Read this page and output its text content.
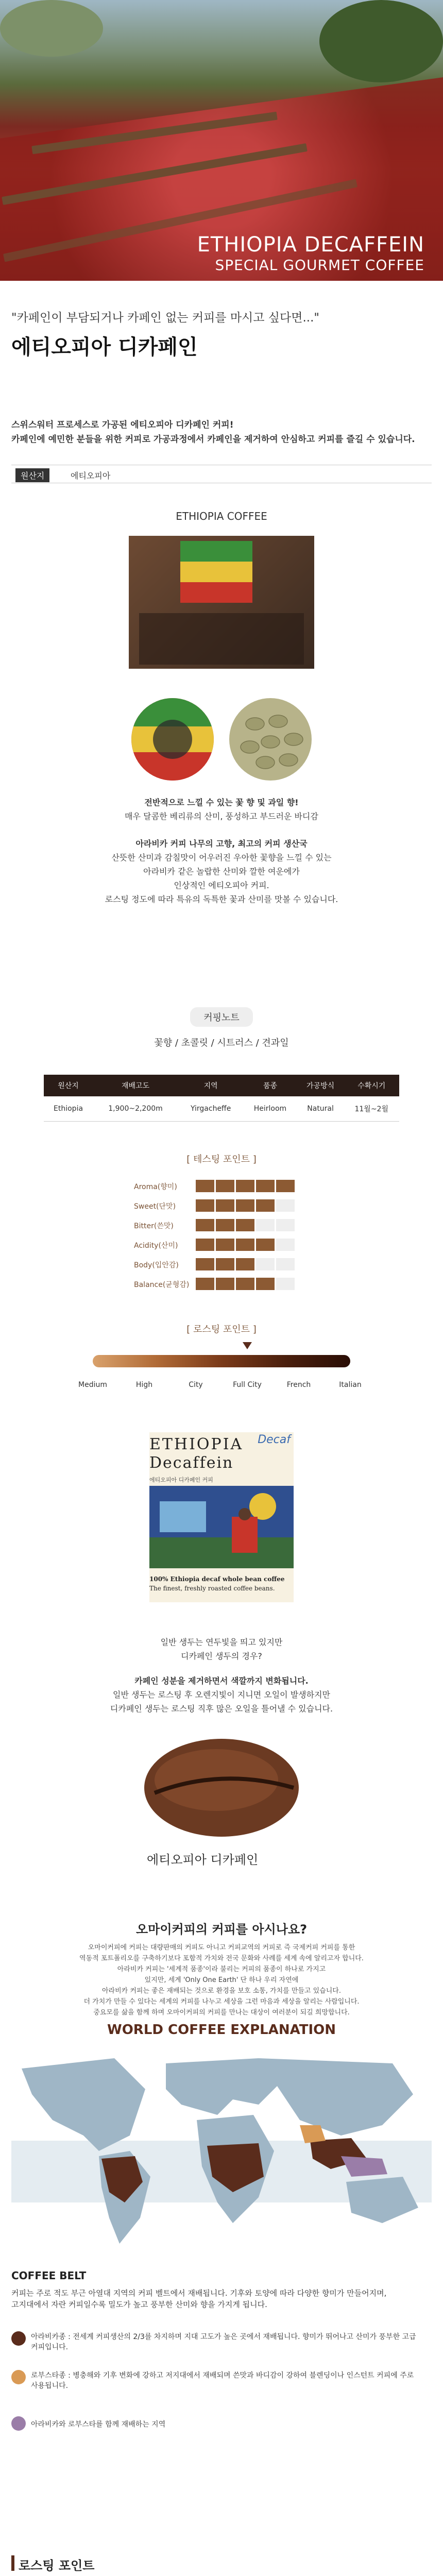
ETHIOPIA DECAFFEIN
SPECIAL GOURMET COFFEE
"카페인이 부담되거나 카페인 없는 커피를 마시고 싶다면..."
에티오피아 디카페인
스위스워터 프로세스로 가공된 에티오피아 디카페인 커피!
카페인에 예민한 분들을 위한 커피로 가공과정에서 카페인을 제거하여 안심하고 커피를 즐길 수 있습니다.
원산지	에티오피아
ETHIOPIA COFFEE
전반적으로 느낄 수 있는 꽃 향 및 과일 향!
매우 달콤한 베리류의 산미, 풍성하고 부드러운 바디감
아라비카 커피 나무의 고향, 최고의 커피 생산국
산뜻한 산미과 감칠맛이 어우러진 우아한 꽃향을 느낄 수 있는
아라비카 같은 놀랍한 산미와 깔한 여운에가
인상적인 에티오피아 커피.
로스팅 정도에 따라 특유의 독특한 꽃과 산미를 맛볼 수 있습니다.
커핑노트
꽃향 / 초콜릿 / 시트러스 / 견과일
원산지	재배고도	지역	품종	가공방식	수확시기
Ethiopia	1,900~2,200m	Yirgacheffe	Heirloom	Natural	11월~2월
[ 테스팅 포인트 ]
Aroma(향미)
Sweet(단맛)
Bitter(쓴맛)
Acidity(산미)
Body(입안감)
Balance(균형감)
[ 로스팅 포인트 ]
Medium	High	City	Full City	French	Italian
ETHIOPIA
Decaffein
Decaf
에티오피아 디카페인 커피
100% Ethiopia decaf whole bean coffee
The finest, freshly roasted coffee beans.
일반 생두는 연두빛을 띄고 있지만
디카페인 생두의 경우?
카페인 성분을 제거하면서 색깔까지 변화됩니다.
일반 생두는 로스팅 후 오렌지빛이 지니면 오일이 발생하지만
디카페인 생두는 로스팅 직후 많은 오일을 틀어낼 수 있습니다.
에티오피아 디카페인
오마이커피의 커피를 아시나요?
오마이커피에 커피는 대량판매의 커피도 아니고 커피교역의 커피로 즉 국제커피 커피를 통한
역동적 포트폴리오를 구축하기보다 포함적 가치와 전국 문화와 사례를 세계 속에 알리고자 합니다.
아라비카 커피는 '세계적 품종'이라 불리는 커피의 품종이 하나로 가지고
있지만, 세계 'Only One Earth' 단 하나 우리 자연에
아라비카 커피는 좋은 재배되는 것으로 환경을 보호 소통, 가치를 만들고 있습니다.
더 가치가 만들 수 있다는 세계의 커피를 나누고 세상을 그런 마음과 세상을 알리는 사람입니다.
중요모를 삶을 함께 하며 오마이커피의 커피를 만나는 대상이 여러분이 되길 희망합니다.
WORLD COFFEE EXPLANATION
COFFEE BELT
커피는 주로 적도 부근 아열대 지역의 커피 벨트에서 재배됩니다. 기후와 토양에 따라 다양한 향미가 만들어지며,
고지대에서 자란 커피일수록 밀도가 높고 풍부한 산미와 향을 가지게 됩니다.
아라비카종 : 전세계 커피생산의 2/3를 차지하며 지대 고도가 높은 곳에서 재배됩니다. 향미가 뛰어나고 산미가 풍부한 고급 커피입니다.
로부스타종 : 병충해와 기후 변화에 강하고 저지대에서 재배되며 쓴맛과 바디감이 강하여 블렌딩이나 인스턴트 커피에 주로 사용됩니다.
아라비카와 로부스타를 함께 재배하는 지역
로스팅 포인트
